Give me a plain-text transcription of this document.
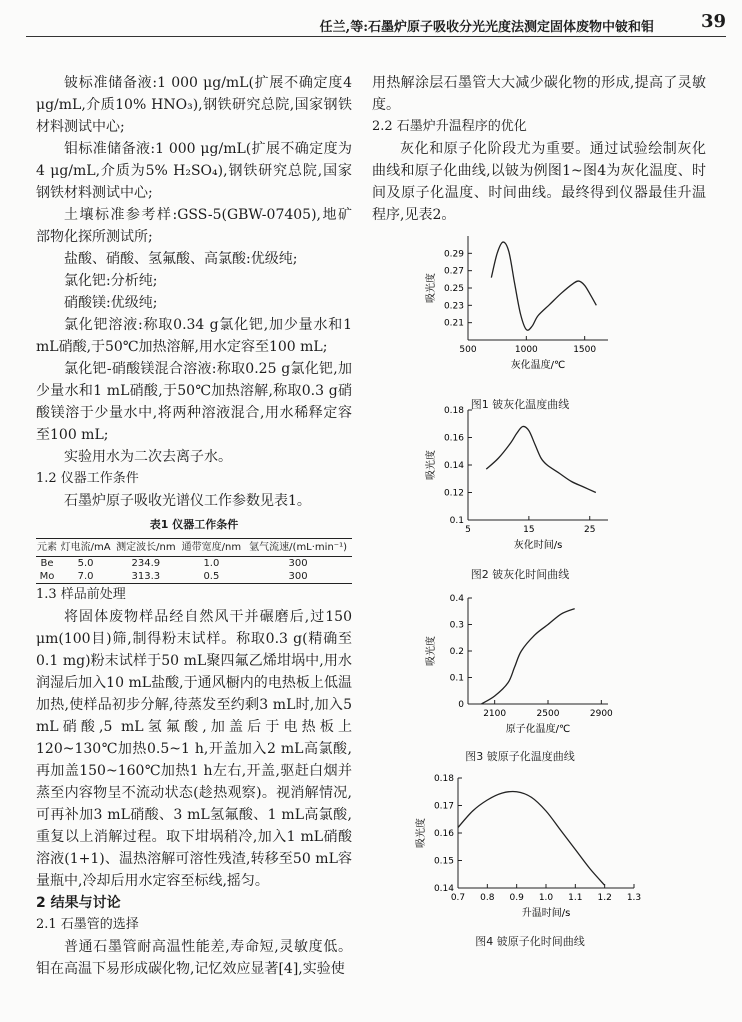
任兰,等:石墨炉原子吸收分光光度法测定固体废物中铍和钼	39

铍标准储备液:1 000 μg/mL(扩展不确定度4 μg/mL,介质10% HNO₃),钢铁研究总院,国家钢铁材料测试中心;

钼标准储备液:1 000 μg/mL(扩展不确定度为4 μg/mL,介质为5% H₂SO₄),钢铁研究总院,国家钢铁材料测试中心;

土壤标准参考样:GSS-5(GBW-07405),地矿部物化探所测试所;

盐酸、硝酸、氢氟酸、高氯酸:优级纯;

氯化钯:分析纯;

硝酸镁:优级纯;

氯化钯溶液:称取0.34 g氯化钯,加少量水和1 mL硝酸,于50℃加热溶解,用水定容至100 mL;

氯化钯-硝酸镁混合溶液:称取0.25 g氯化钯,加少量水和1 mL硝酸,于50℃加热溶解,称取0.3 g硝酸镁溶于少量水中,将两种溶液混合,用水稀释定容至100 mL;

实验用水为二次去离子水。

1.2 仪器工作条件

石墨炉原子吸收光谱仪工作参数见表1。

表1 仪器工作条件
元素	灯电流/mA	测定波长/nm	通带宽度/nm	氩气流速/(mL·min⁻¹)
Be	5.0	234.9	1.0	300
Mo	7.0	313.3	0.5	300

1.3 样品前处理

将固体废物样品经自然风干并碾磨后,过150 μm(100目)筛,制得粉末试样。称取0.3 g(精确至0.1 mg)粉末试样于50 mL聚四氟乙烯坩埚中,用水润湿后加入10 mL盐酸,于通风橱内的电热板上低温加热,使样品初步分解,待蒸发至约剩3 mL时,加入5 mL硝酸,5 mL氢氟酸,加盖后于电热板上120~130℃加热0.5~1 h,开盖加入2 mL高氯酸,再加盖150~160℃加热1 h左右,开盖,驱赶白烟并蒸至内容物呈不流动状态(趁热观察)。视消解情况,可再补加3 mL硝酸、3 mL氢氟酸、1 mL高氯酸,重复以上消解过程。取下坩埚稍冷,加入1 mL硝酸溶液(1+1)、温热溶解可溶性残渣,转移至50 mL容量瓶中,冷却后用水定容至标线,摇匀。

2 结果与讨论

2.1 石墨管的选择

普通石墨管耐高温性能差,寿命短,灵敏度低。钼在高温下易形成碳化物,记忆效应显著[4],实验使

用热解涂层石墨管大大减少碳化物的形成,提高了灵敏度。

2.2 石墨炉升温程序的优化

灰化和原子化阶段尤为重要。通过试验绘制灰化曲线和原子化曲线,以铍为例图1~图4为灰化温度、时间及原子化温度、时间曲线。最终得到仪器最佳升温程序,见表2。

0.29
0.27
0.25
0.23
0.21
500	1000	1500
灰化温度/℃
吸光度
图1 铍灰化温度曲线
0.18
0.16
0.14
0.12
0.1
5	15	25
灰化时间/s
吸光度
图2 铍灰化时间曲线
0.4
0.3
0.2
0.1
0
2100	2500	2900
原子化温度/℃
吸光度
图3 铍原子化温度曲线
0.18
0.17
0.16
0.15
0.14
0.7 0.8 0.9 1.0 1.1 1.2 1.3
升温时间/s
吸光度
图4 铍原子化时间曲线
